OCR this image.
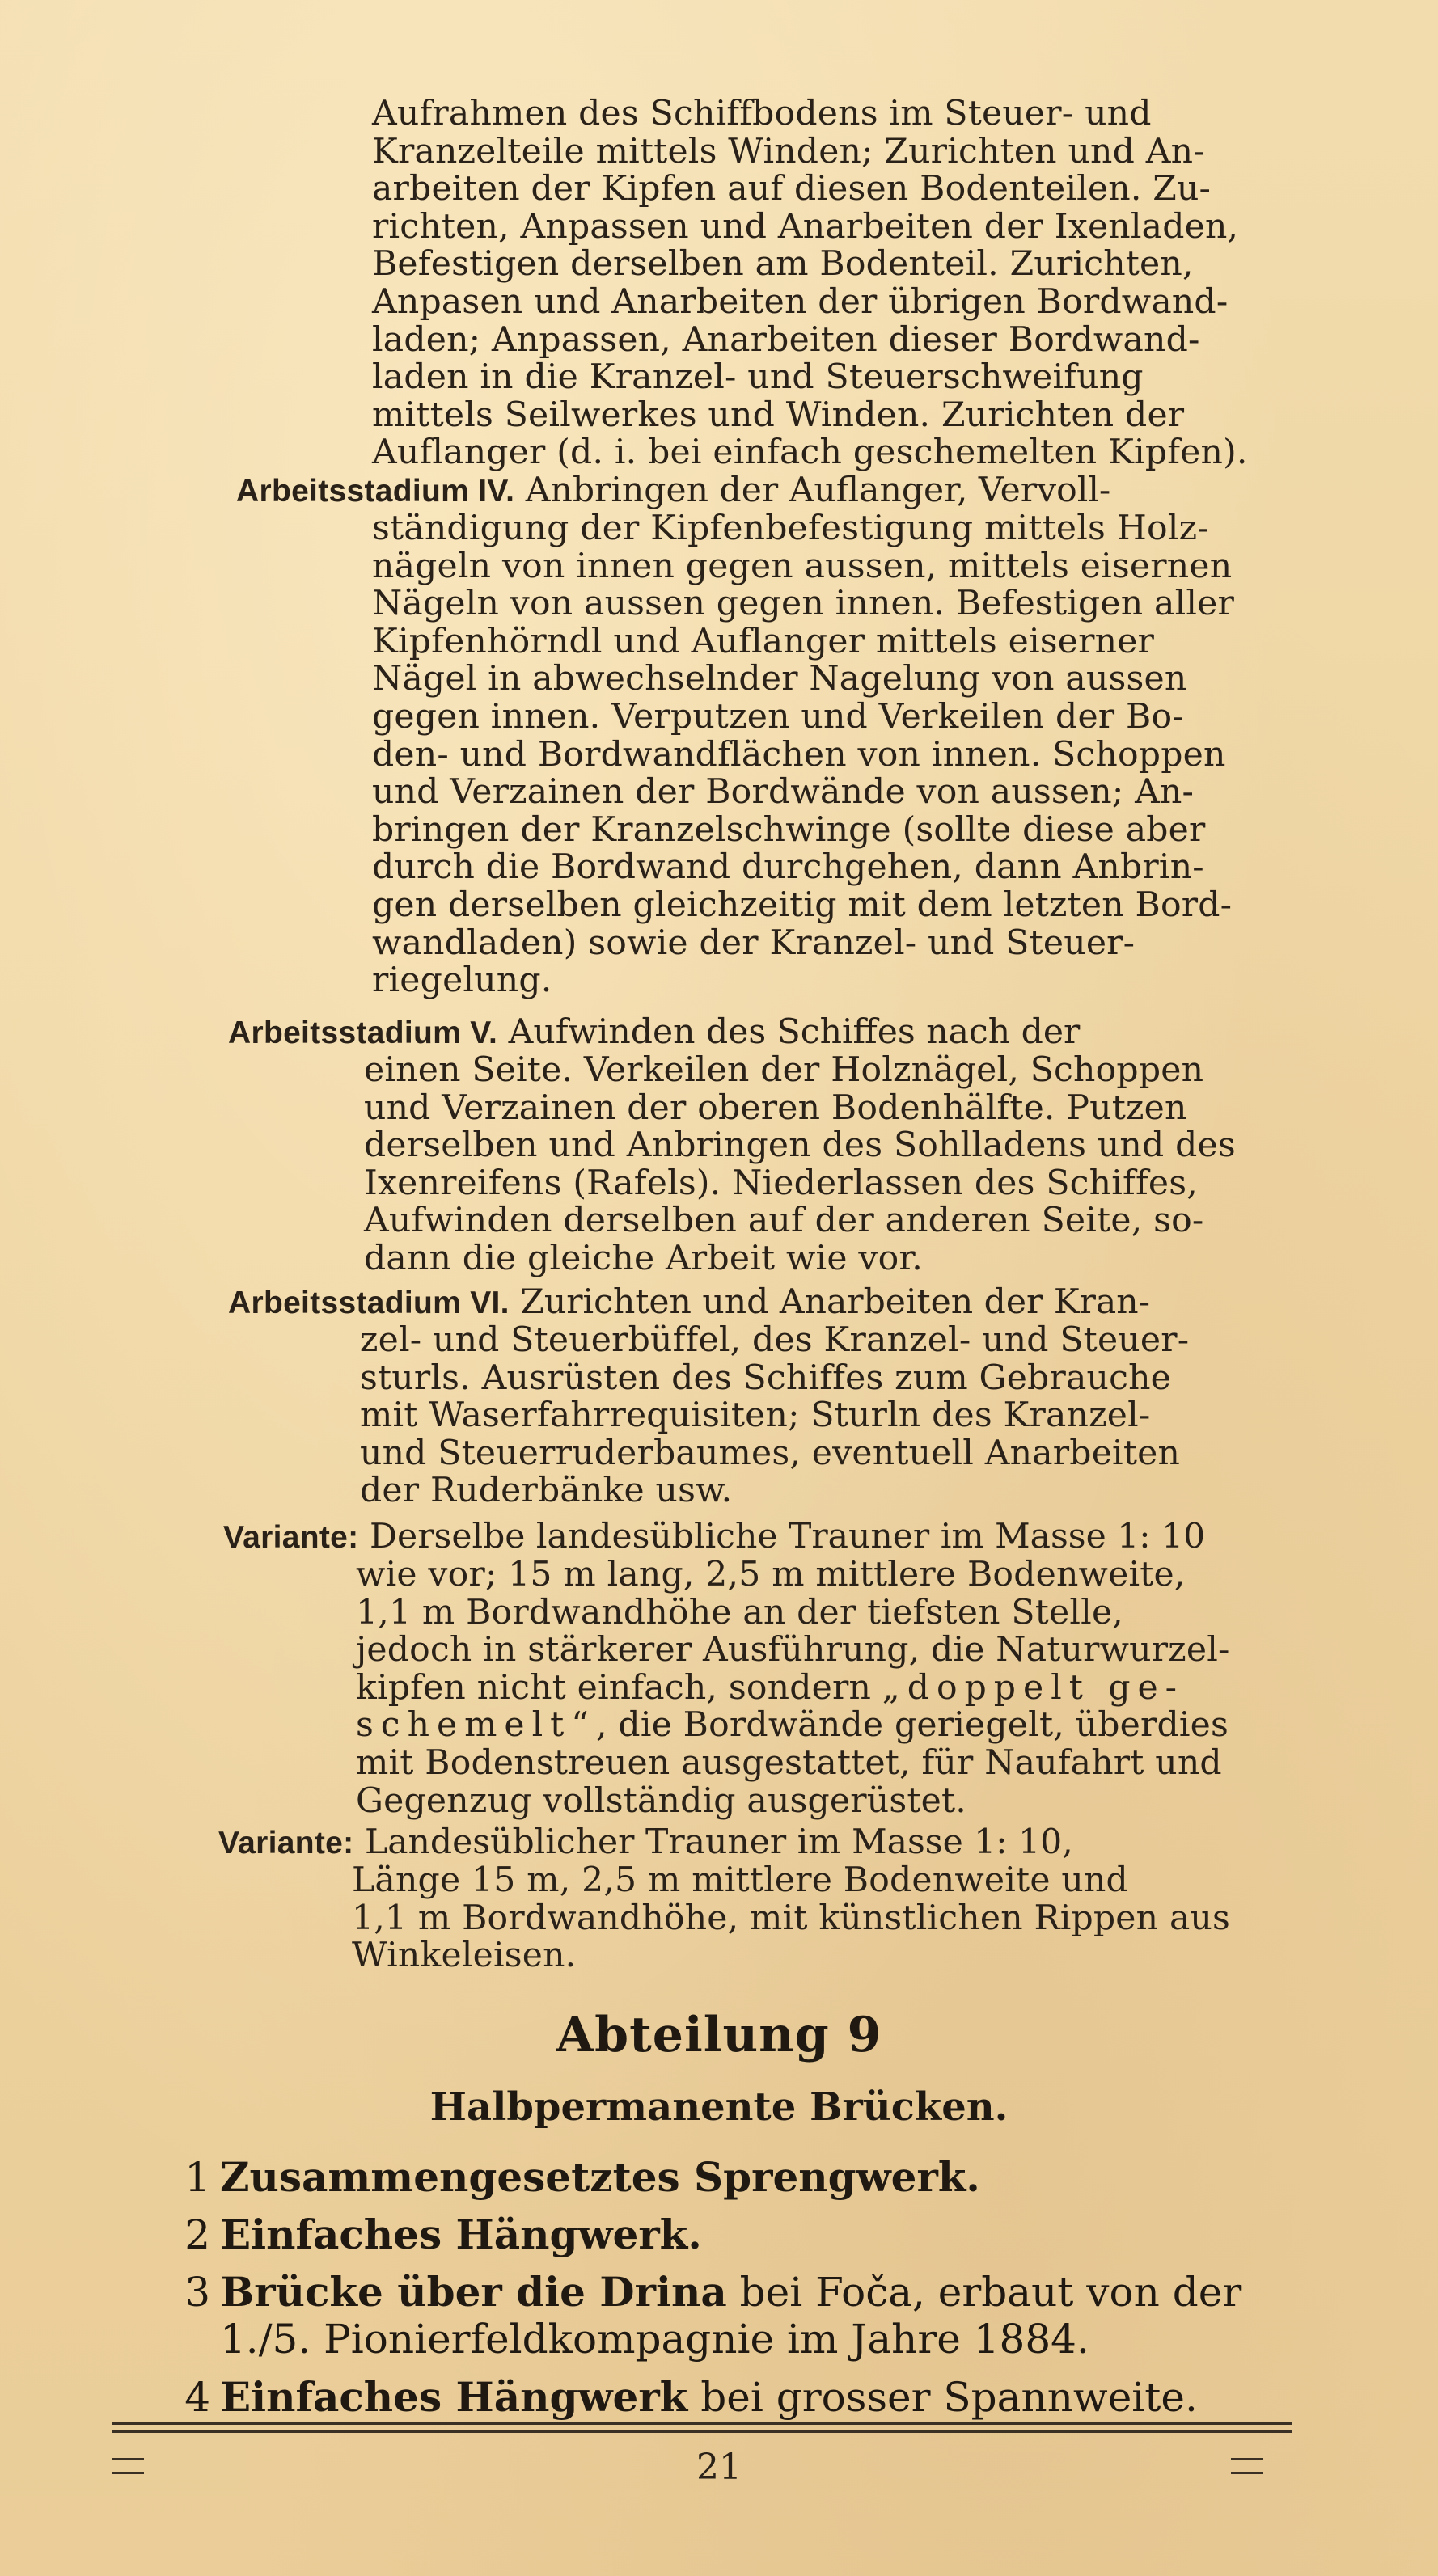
Aufrahmen des Schiffbodens im Steuer- und
Kranzelteile mittels Winden; Zurichten und An-
arbeiten der Kipfen auf diesen Bodenteilen. Zu-
richten, Anpassen und Anarbeiten der Ixenladen,
Befestigen derselben am Bodenteil. Zurichten,
Anpasen und Anarbeiten der übrigen Bordwand-
laden; Anpassen, Anarbeiten dieser Bordwand-
laden in die Kranzel- und Steuerschweifung
mittels Seilwerkes und Winden. Zurichten der
Auflanger (d. i. bei einfach geschemelten Kipfen).
Arbeitsstadium IV. Anbringen der Auflanger, Vervoll-
ständigung der Kipfenbefestigung mittels Holz-
nägeln von innen gegen aussen, mittels eisernen
Nägeln von aussen gegen innen. Befestigen aller
Kipfenhörndl und Auflanger mittels eiserner
Nägel in abwechselnder Nagelung von aussen
gegen innen. Verputzen und Verkeilen der Bo-
den- und Bordwandflächen von innen. Schoppen
und Verzainen der Bordwände von aussen; An-
bringen der Kranzelschwinge (sollte diese aber
durch die Bordwand durchgehen, dann Anbrin-
gen derselben gleichzeitig mit dem letzten Bord-
wandladen) sowie der Kranzel- und Steuer-
riegelung.
Arbeitsstadium V. Aufwinden des Schiffes nach der
einen Seite. Verkeilen der Holznägel, Schoppen
und Verzainen der oberen Bodenhälfte. Putzen
derselben und Anbringen des Sohlladens und des
Ixenreifens (Rafels). Niederlassen des Schiffes,
Aufwinden derselben auf der anderen Seite, so-
dann die gleiche Arbeit wie vor.
Arbeitsstadium VI. Zurichten und Anarbeiten der Kran-
zel- und Steuerbüffel, des Kranzel- und Steuer-
sturls. Ausrüsten des Schiffes zum Gebrauche
mit Waserfahrrequisiten; Sturln des Kranzel-
und Steuerruderbaumes, eventuell Anarbeiten
der Ruderbänke usw.
Variante: Derselbe landesübliche Trauner im Masse 1: 10
wie vor; 15 m lang, 2,5 m mittlere Bodenweite,
1,1 m Bordwandhöhe an der tiefsten Stelle,
jedoch in stärkerer Ausführung, die Naturwurzel-
kipfen nicht einfach, sondern „doppelt ge-
schemelt“, die Bordwände geriegelt, überdies
mit Bodenstreuen ausgestattet, für Naufahrt und
Gegenzug vollständig ausgerüstet.
Variante: Landesüblicher Trauner im Masse 1: 10,
Länge 15 m, 2,5 m mittlere Bodenweite und
1,1 m Bordwandhöhe, mit künstlichen Rippen aus
Winkeleisen.
Abteilung 9
Halbpermanente Brücken.
1 Zusammengesetztes Sprengwerk.
2 Einfaches Hängwerk.
3 Brücke über die Drina bei Foča, erbaut von der
1./5. Pionierfeldkompagnie im Jahre 1884.
4 Einfaches Hängwerk bei grosser Spannweite.
21
